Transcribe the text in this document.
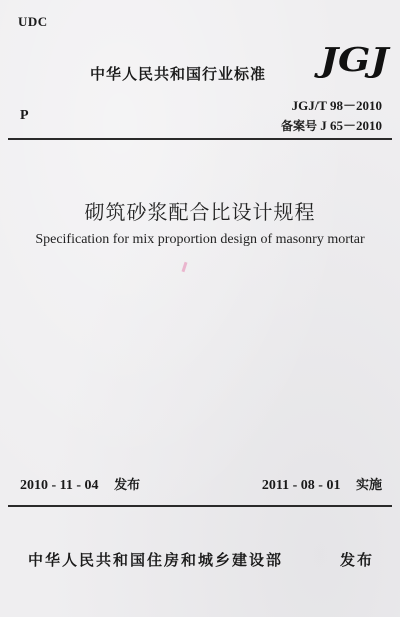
UDC
中华人民共和国行业标准 JGJ
P
JGJ/T 98－2010
备案号 J 65－2010
砌筑砂浆配合比设计规程
Specification for mix proportion design of masonry mortar
2010 - 11 - 04 发布	2011 - 08 - 01 实施
中华人民共和国住房和城乡建设部	发布
